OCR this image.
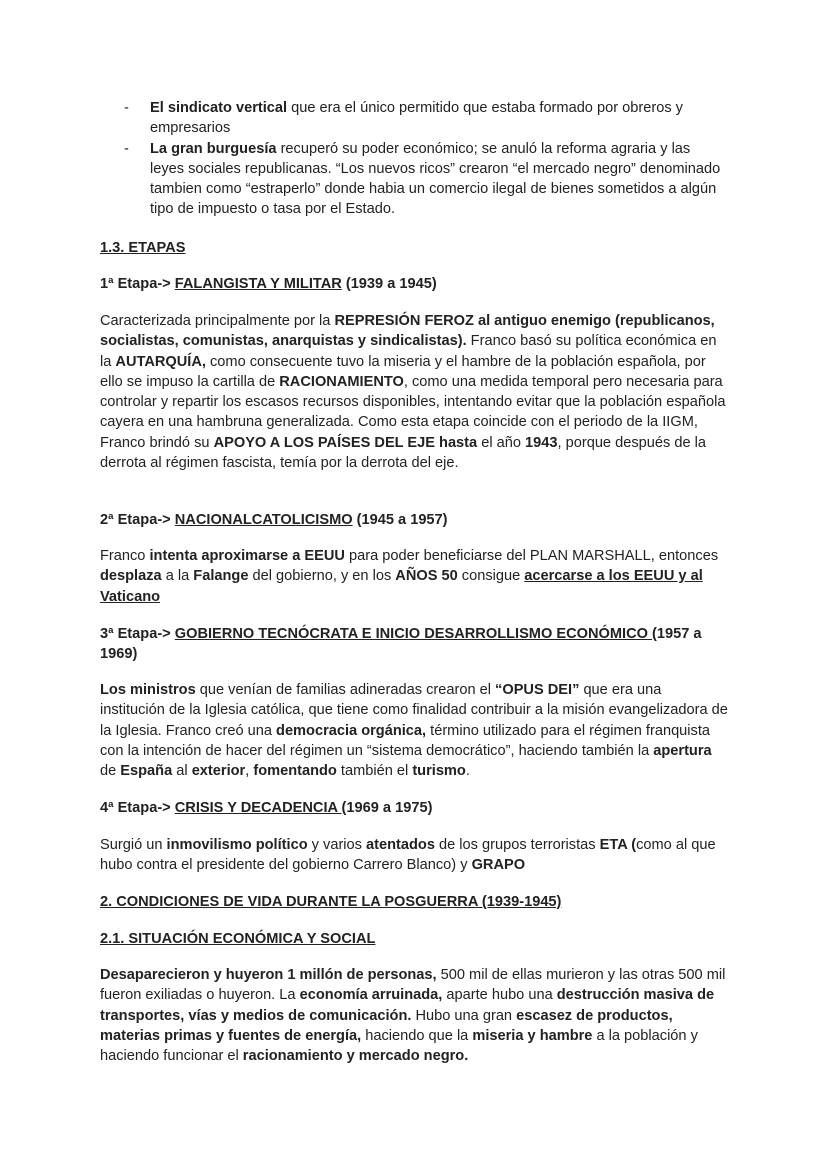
- El sindicato vertical que era el único permitido que estaba formado por obreros y empresarios
- La gran burguesía recuperó su poder económico; se anuló la reforma agraria y las leyes sociales republicanas. “Los nuevos ricos” crearon “el mercado negro” denominado tambien como “estraperlo” donde habia un comercio ilegal de bienes sometidos a algún tipo de impuesto o tasa por el Estado.

1.3. ETAPAS

1ª Etapa-> FALANGISTA Y MILITAR (1939 a 1945)

Caracterizada principalmente por la REPRESIÓN FEROZ al antiguo enemigo (republicanos, socialistas, comunistas, anarquistas y sindicalistas). Franco basó su política económica en la AUTARQUÍA, como consecuente tuvo la miseria y el hambre de la población española, por ello se impuso la cartilla de RACIONAMIENTO, como una medida temporal pero necesaria para controlar y repartir los escasos recursos disponibles, intentando evitar que la población española cayera en una hambruna generalizada. Como esta etapa coincide con el periodo de la IIGM, Franco brindó su APOYO A LOS PAÍSES DEL EJE hasta el año 1943, porque después de la derrota al régimen fascista, temía por la derrota del eje.

2ª Etapa-> NACIONALCATOLICISMO (1945 a 1957)

Franco intenta aproximarse a EEUU para poder beneficiarse del PLAN MARSHALL, entonces desplaza a la Falange del gobierno, y en los AÑOS 50 consigue acercarse a los EEUU y al Vaticano

3ª Etapa-> GOBIERNO TECNÓCRATA E INICIO DESARROLLISMO ECONÓMICO (1957 a 1969)

Los ministros que venían de familias adineradas crearon el “OPUS DEI” que era una institución de la Iglesia católica, que tiene como finalidad contribuir a la misión evangelizadora de la Iglesia. Franco creó una democracia orgánica, término utilizado para el régimen franquista con la intención de hacer del régimen un “sistema democrático”, haciendo también la apertura de España al exterior, fomentando también el turismo.

4ª Etapa-> CRISIS Y DECADENCIA (1969 a 1975)

Surgió un inmovilismo político y varios atentados de los grupos terroristas ETA (como al que hubo contra el presidente del gobierno Carrero Blanco) y GRAPO

2. CONDICIONES DE VIDA DURANTE LA POSGUERRA (1939-1945)

2.1. SITUACIÓN ECONÓMICA Y SOCIAL

Desaparecieron y huyeron 1 millón de personas, 500 mil de ellas murieron y las otras 500 mil fueron exiliadas o huyeron. La economía arruinada, aparte hubo una destrucción masiva de transportes, vías y medios de comunicación. Hubo una gran escasez de productos, materias primas y fuentes de energía, haciendo que la miseria y hambre a la población y haciendo funcionar el racionamiento y mercado negro.
